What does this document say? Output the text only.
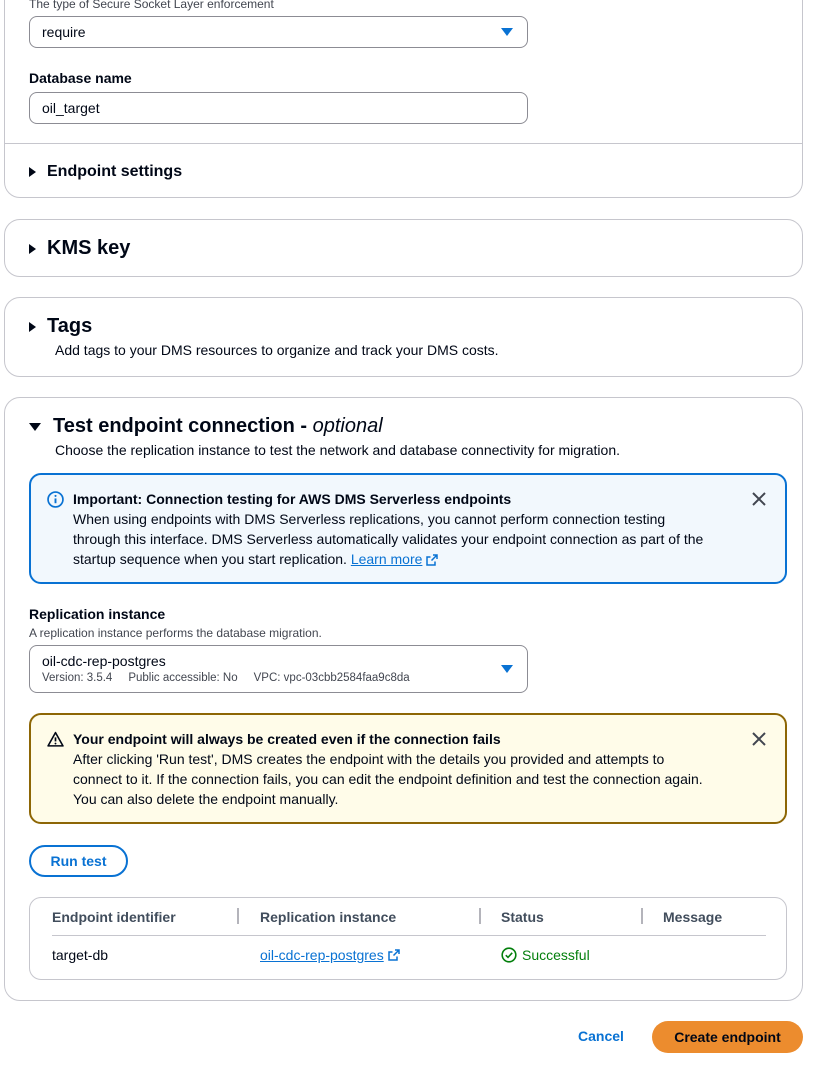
The type of Secure Socket Layer enforcement
require
Database name
oil_target
Endpoint settings
KMS key
Tags
Add tags to your DMS resources to organize and track your DMS costs.
Test endpoint connection - optional
Choose the replication instance to test the network and database connectivity for migration.
Important: Connection testing for AWS DMS Serverless endpoints
When using endpoints with DMS Serverless replications, you cannot perform connection testing through this interface. DMS Serverless automatically validates your endpoint connection as part of the startup sequence when you start replication. Learn more
Replication instance
A replication instance performs the database migration.
oil-cdc-rep-postgres
Version: 3.5.4 Public accessible: No VPC: vpc-03cbb2584faa9c8da
Your endpoint will always be created even if the connection fails
After clicking 'Run test', DMS creates the endpoint with the details you provided and attempts to connect to it. If the connection fails, you can edit the endpoint definition and test the connection again. You can also delete the endpoint manually.
Run test
Endpoint identifier	Replication instance	Status	Message
target-db	oil-cdc-rep-postgres	Successful
Cancel	Create endpoint
